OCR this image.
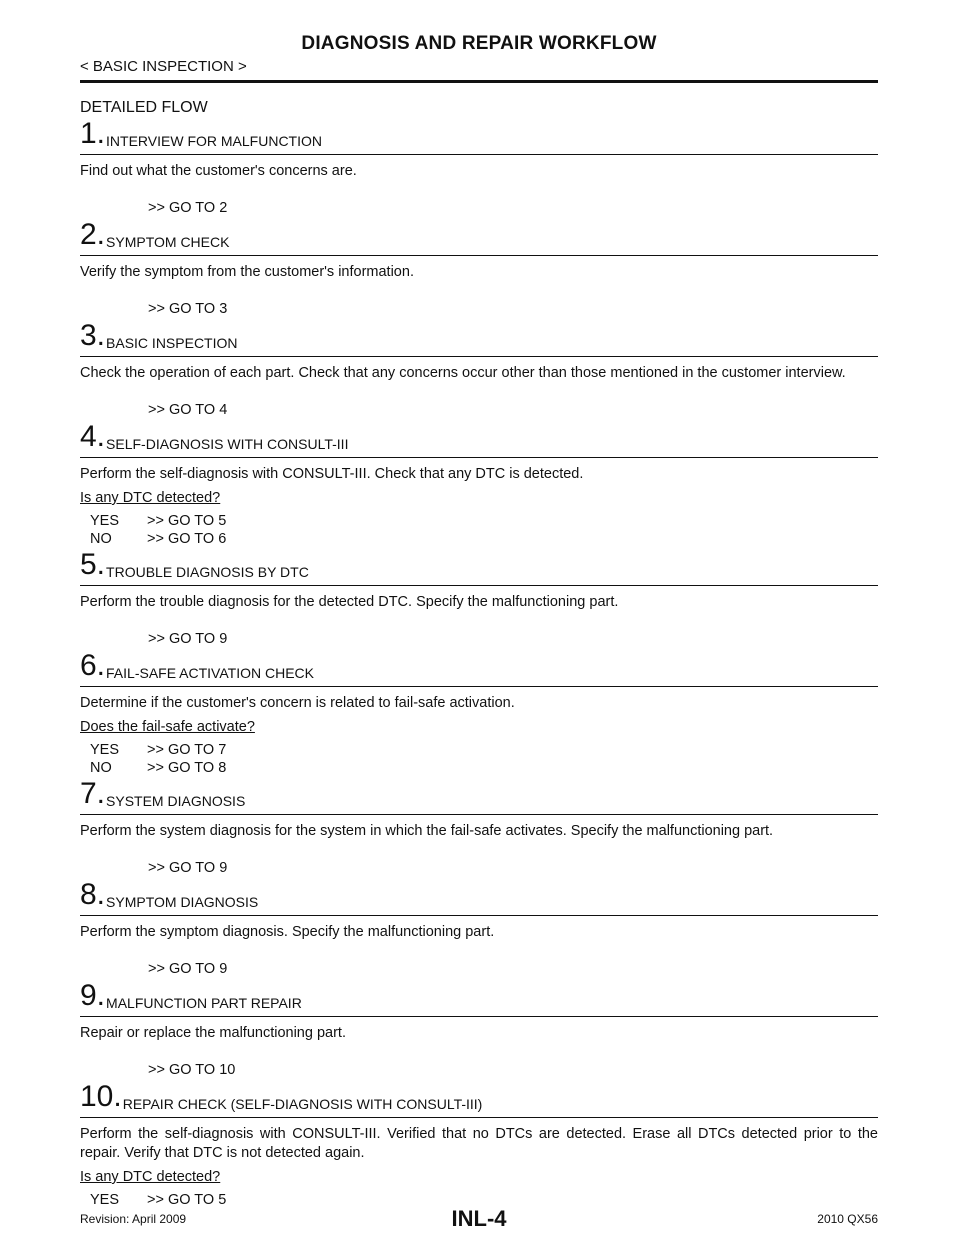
DIAGNOSIS AND REPAIR WORKFLOW
< BASIC INSPECTION >
DETAILED FLOW
1. INTERVIEW FOR MALFUNCTION
Find out what the customer's concerns are.
>> GO TO 2
2. SYMPTOM CHECK
Verify the symptom from the customer's information.
>> GO TO 3
3. BASIC INSPECTION
Check the operation of each part. Check that any concerns occur other than those mentioned in the customer interview.
>> GO TO 4
4. SELF-DIAGNOSIS WITH CONSULT-III
Perform the self-diagnosis with CONSULT-III. Check that any DTC is detected.
Is any DTC detected?
YES	>> GO TO 5
NO	>> GO TO 6
5. TROUBLE DIAGNOSIS BY DTC
Perform the trouble diagnosis for the detected DTC. Specify the malfunctioning part.
>> GO TO 9
6. FAIL-SAFE ACTIVATION CHECK
Determine if the customer's concern is related to fail-safe activation.
Does the fail-safe activate?
YES	>> GO TO 7
NO	>> GO TO 8
7. SYSTEM DIAGNOSIS
Perform the system diagnosis for the system in which the fail-safe activates. Specify the malfunctioning part.
>> GO TO 9
8. SYMPTOM DIAGNOSIS
Perform the symptom diagnosis. Specify the malfunctioning part.
>> GO TO 9
9. MALFUNCTION PART REPAIR
Repair or replace the malfunctioning part.
>> GO TO 10
10. REPAIR CHECK (SELF-DIAGNOSIS WITH CONSULT-III)
Perform the self-diagnosis with CONSULT-III. Verified that no DTCs are detected. Erase all DTCs detected prior to the repair. Verify that DTC is not detected again.
Is any DTC detected?
YES	>> GO TO 5
Revision: April 2009	INL-4	2010 QX56
